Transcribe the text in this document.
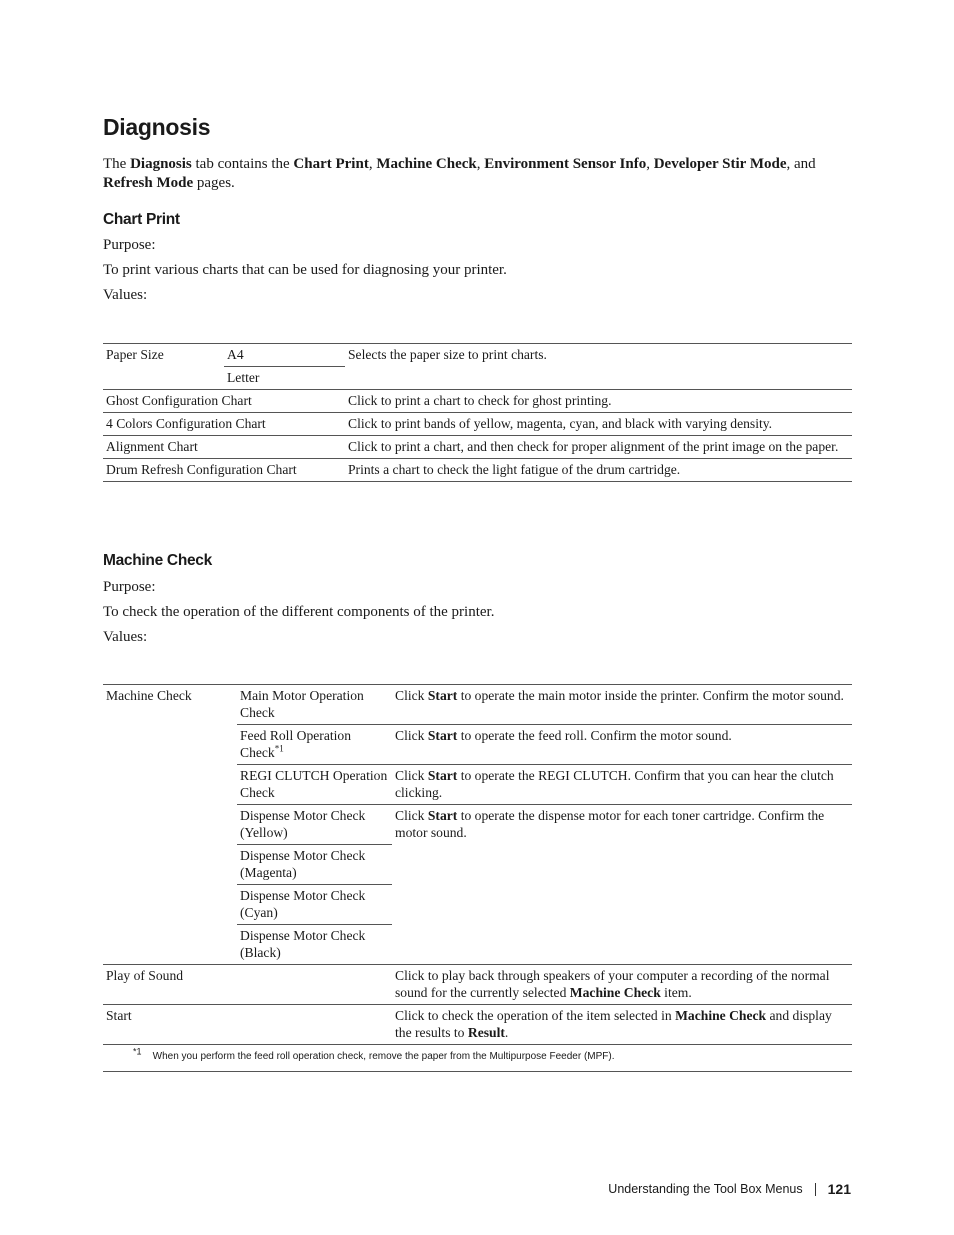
Diagnosis

The Diagnosis tab contains the Chart Print, Machine Check, Environment Sensor Info, Developer Stir Mode, and Refresh Mode pages.

Chart Print
Purpose:
To print various charts that can be used for diagnosing your printer.
Values:
Paper Size	A4	Selects the paper size to print charts.
	Letter	
Ghost Configuration Chart		Click to print a chart to check for ghost printing.
4 Colors Configuration Chart		Click to print bands of yellow, magenta, cyan, and black with varying density.
Alignment Chart		Click to print a chart, and then check for proper alignment of the print image on the paper.
Drum Refresh Configuration Chart		Prints a chart to check the light fatigue of the drum cartridge.
Machine Check
Purpose:
To check the operation of the different components of the printer.
Values:
Machine Check	Main Motor Operation Check	Click Start to operate the main motor inside the printer. Confirm the motor sound.
	Feed Roll Operation Check$^{*1}$	Click Start to operate the feed roll. Confirm the motor sound.
	REGI CLUTCH Operation Check	Click Start to operate the REGI CLUTCH. Confirm that you can hear the clutch clicking.
	Dispense Motor Check (Yellow)	Click Start to operate the dispense motor for each toner cartridge. Confirm the motor sound.
	Dispense Motor Check (Magenta)	
	Dispense Motor Check (Cyan)	
	Dispense Motor Check (Black)	
Play of Sound		Click to play back through speakers of your computer a recording of the normal sound for the currently selected Machine Check item.
Start		Click to check the operation of the item selected in Machine Check and display the results to Result.
$^{*1}$ When you perform the feed roll operation check, remove the paper from the Multipurpose Feeder (MPF).		
Understanding the Tool Box Menus 121
